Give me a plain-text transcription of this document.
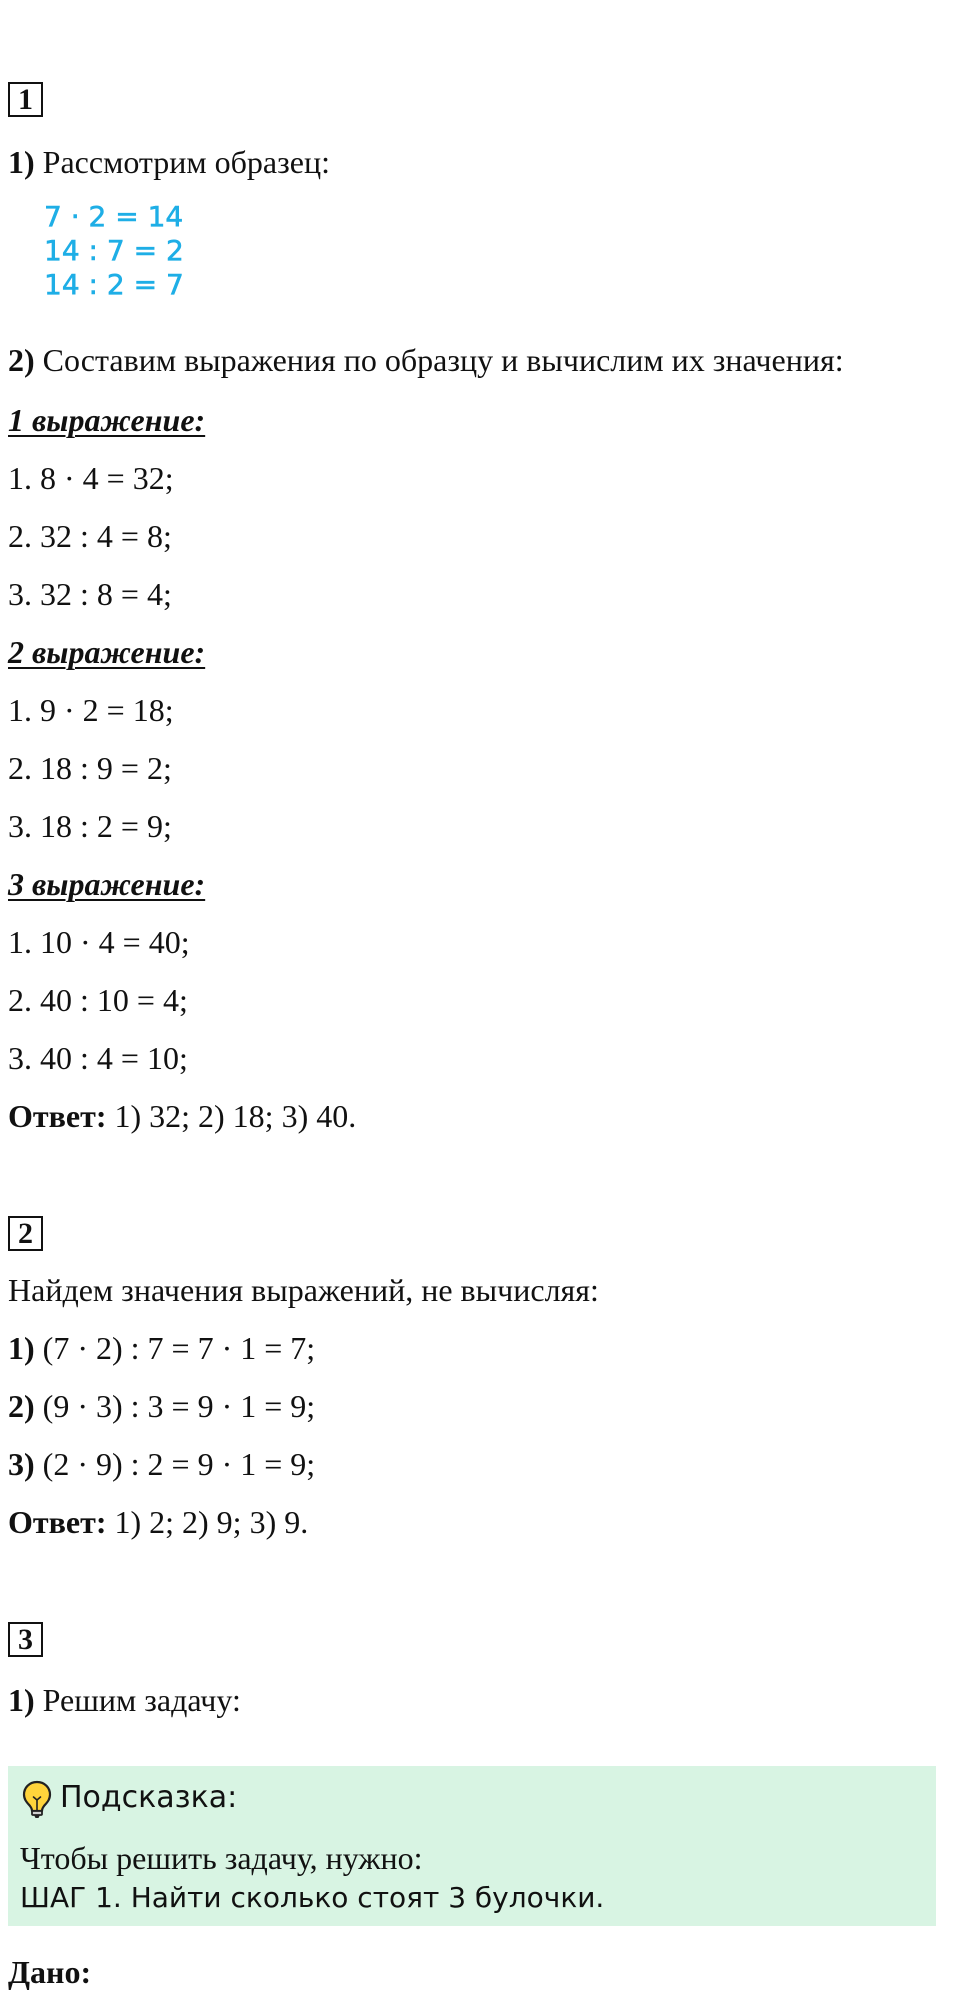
1
1) Рассмотрим образец:
7 · 2 = 14
14 : 7 = 2
14 : 2 = 7
2) Составим выражения по образцу и вычислим их значения:
1 выражение:
1. 8 · 4 = 32;
2. 32 : 4 = 8;
3. 32 : 8 = 4;
2 выражение:
1. 9 · 2 = 18;
2. 18 : 9 = 2;
3. 18 : 2 = 9;
3 выражение:
1. 10 · 4 = 40;
2. 40 : 10 = 4;
3. 40 : 4 = 10;
Ответ: 1) 32; 2) 18; 3) 40.
2
Найдем значения выражений, не вычисляя:
1) (7 · 2) : 7 = 7 · 1 = 7;
2) (9 · 3) : 3 = 9 · 1 = 9;
3) (2 · 9) : 2 = 9 · 1 = 9;
Ответ: 1) 2; 2) 9; 3) 9.
3
1) Решим задачу:
Подсказка:
Чтобы решить задачу, нужно:
ШАГ 1. Найти сколько стоят 3 булочки.
Дано:
